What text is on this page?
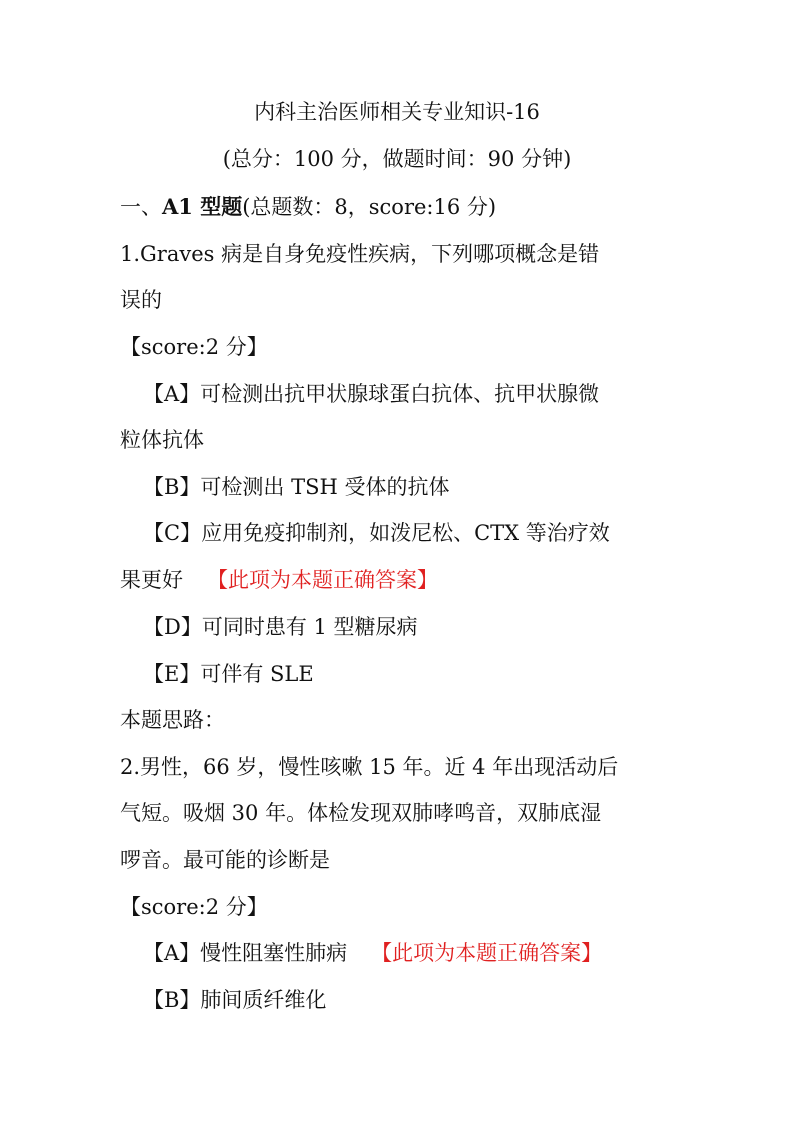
内科主治医师相关专业知识-16
(总分：100 分，做题时间：90 分钟)
一、A1 型题(总题数：8，score:16 分)
1.Graves 病是自身免疫性疾病，下列哪项概念是错
误的
【score:2 分】
【A】可检测出抗甲状腺球蛋白抗体、抗甲状腺微
粒体抗体
【B】可检测出 TSH 受体的抗体
【C】应用免疫抑制剂，如泼尼松、CTX 等治疗效
果更好 【此项为本题正确答案】
【D】可同时患有 1 型糖尿病
【E】可伴有 SLE
本题思路：
2.男性，66 岁，慢性咳嗽 15 年。近 4 年出现活动后
气短。吸烟 30 年。体检发现双肺哮鸣音，双肺底湿
啰音。最可能的诊断是
【score:2 分】
【A】慢性阻塞性肺病 【此项为本题正确答案】
【B】肺间质纤维化
